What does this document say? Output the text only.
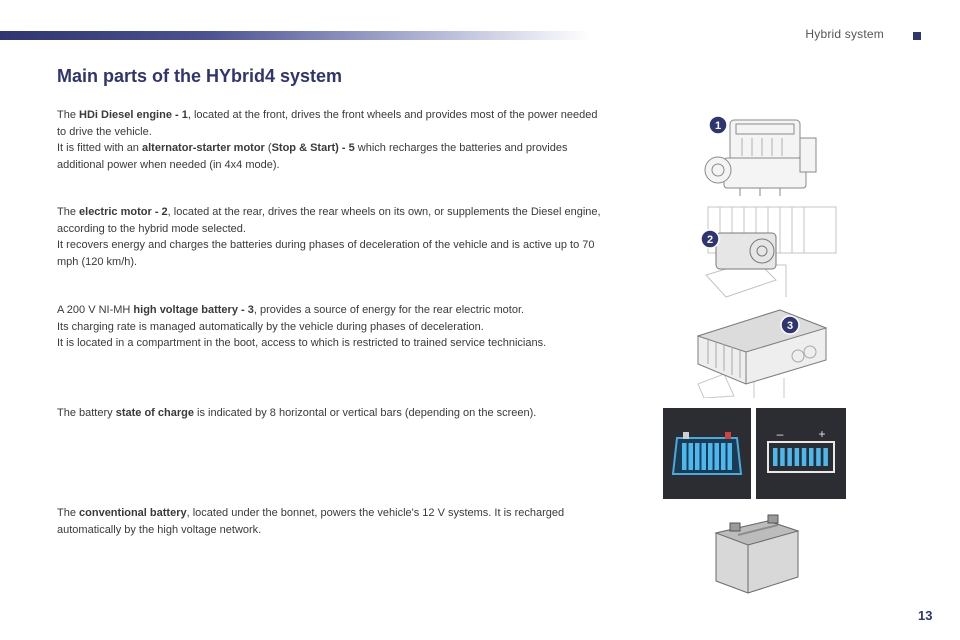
Hybrid system
Main parts of the HYbrid4 system

The HDi Diesel engine - 1, located at the front, drives the front wheels and provides most of the power needed to drive the vehicle.
It is fitted with an alternator-starter motor (Stop & Start) - 5 which recharges the batteries and provides additional power when needed (in 4x4 mode).

The electric motor - 2, located at the rear, drives the rear wheels on its own, or supplements the Diesel engine, according to the hybrid mode selected.
It recovers energy and charges the batteries during phases of deceleration of the vehicle and is active up to 70 mph (120 km/h).

A 200 V NI-MH high voltage battery - 3, provides a source of energy for the rear electric motor.
Its charging rate is managed automatically by the vehicle during phases of deceleration.
It is located in a compartment in the boot, access to which is restricted to trained service technicians.

The battery state of charge is indicated by 8 horizontal or vertical bars (depending on the screen).

The conventional battery, located under the bonnet, powers the vehicle's 12 V systems. It is recharged automatically by the high voltage network.

1
2
3
–	+
13
